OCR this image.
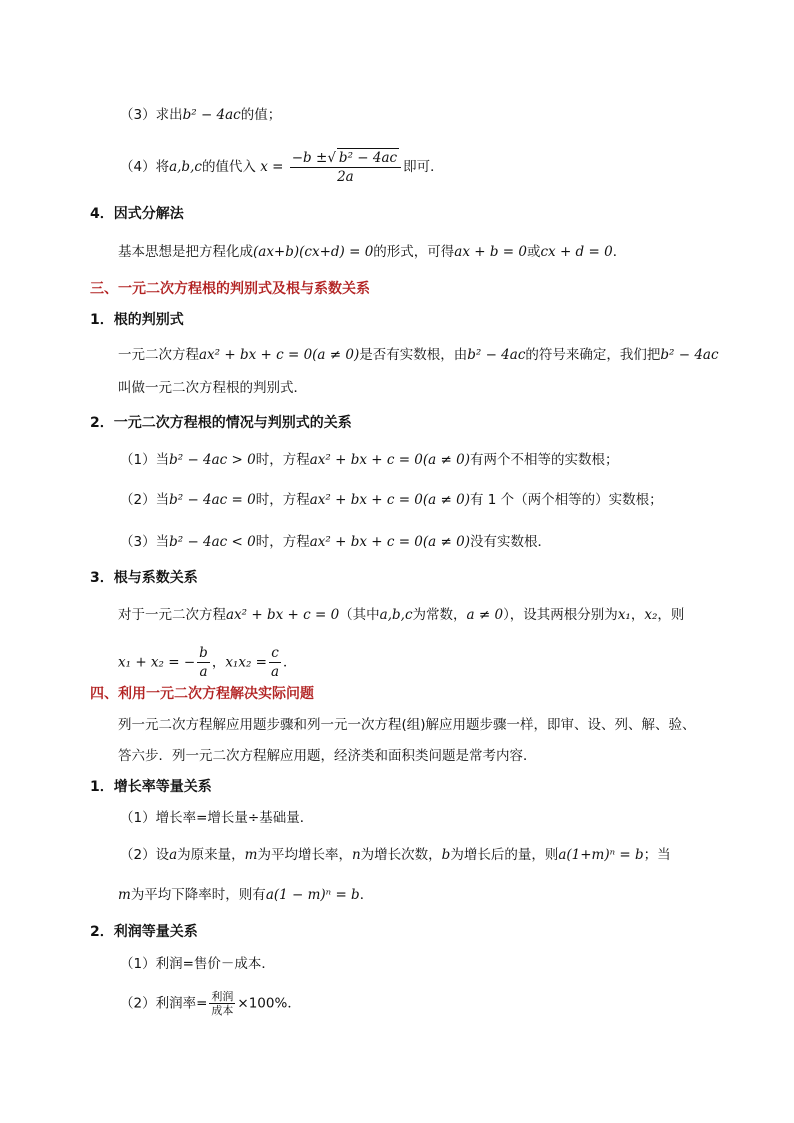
（3）求出b² − 4ac的值；
（4）将a,b,c的值代入 $x = \frac{\text{−b ±√ b² − 4ac}}{2a}$ 即可．
4．因式分解法
基本思想是把方程化成(ax+b)(cx+d) = 0的形式，可得ax + b = 0或cx + d = 0．
三、一元二次方程根的判别式及根与系数关系
1．根的判别式
一元二次方程ax² + bx + c = 0(a ≠ 0)是否有实数根，由b² − 4ac的符号来确定，我们把b² − 4ac
叫做一元二次方程根的判别式．
2．一元二次方程根的情况与判别式的关系
（1）当b² − 4ac > 0时，方程ax² + bx + c = 0(a ≠ 0)有两个不相等的实数根；
（2）当b² − 4ac = 0时，方程ax² + bx + c = 0(a ≠ 0)有 1 个（两个相等的）实数根；
（3）当b² − 4ac < 0时，方程ax² + bx + c = 0(a ≠ 0)没有实数根．
3．根与系数关系
对于一元二次方程ax² + bx + c = 0（其中a,b,c为常数，a ≠ 0），设其两根分别为x₁，x₂，则
x₁ + x₂ = − $\frac{b}{a}$ ，$x_1x_2 = \frac{c}{a}$ ．
四、利用一元二次方程解决实际问题
列一元二次方程解应用题步骤和列一元一次方程(组)解应用题步骤一样，即审、设、列、解、验、
答六步．列一元二次方程解应用题，经济类和面积类问题是常考内容．
1．增长率等量关系
（1）增长率=增长量÷基础量．
（2）设a为原来量，m为平均增长率，n为增长次数，b为增长后的量，则a(1+m)ⁿ = b；当
m为平均下降率时，则有a(1 − m)ⁿ = b．
2．利润等量关系
（1）利润=售价－成本．
（2）利润率= $\frac{\text{利润}}{\text{成本}} \times 100\%$．
